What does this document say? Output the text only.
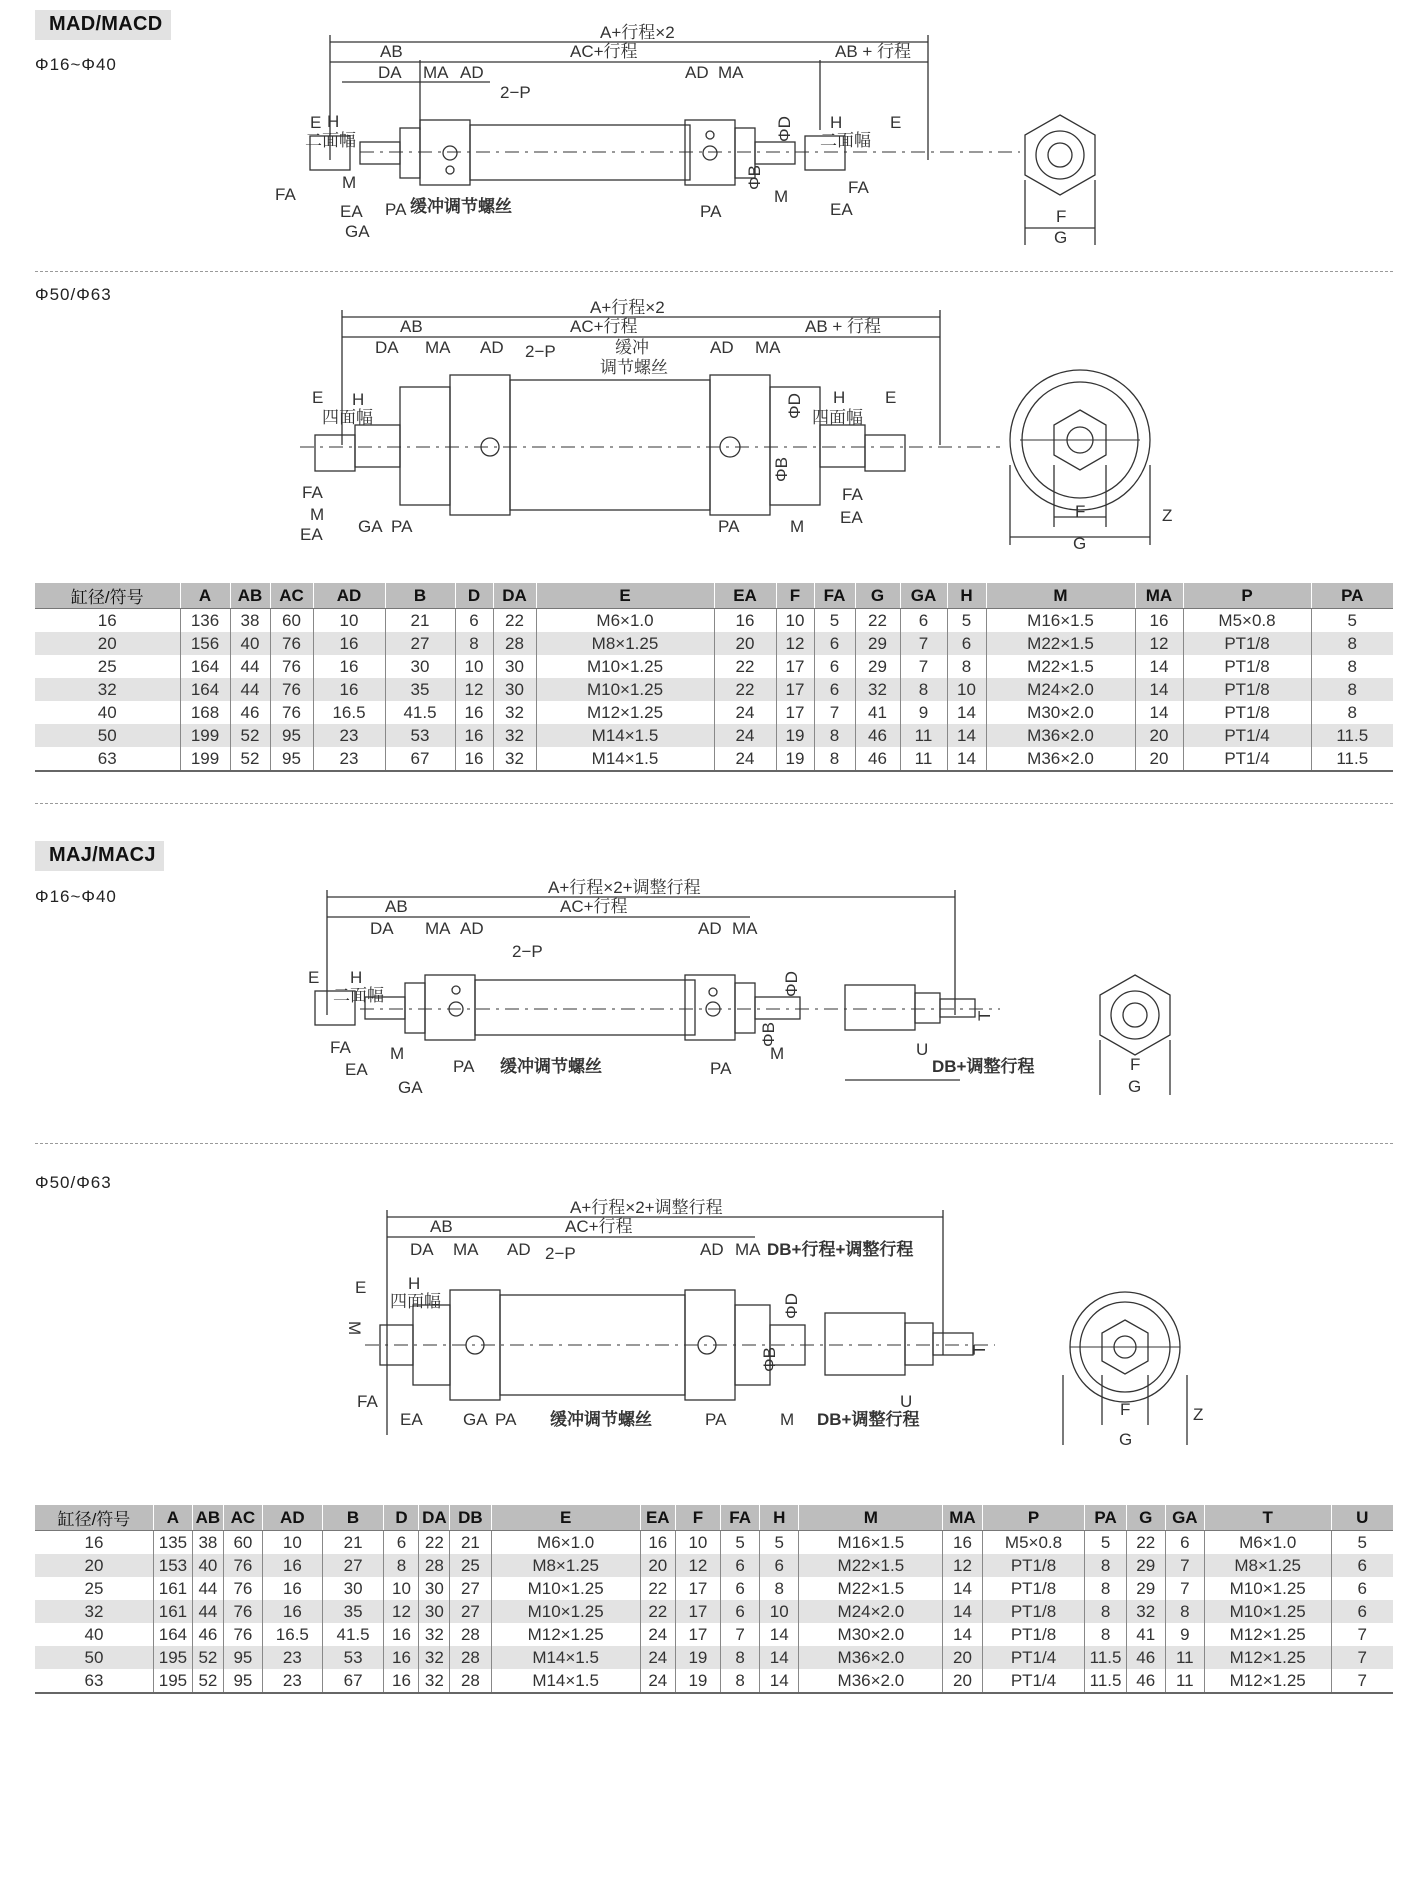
MAD/MACD
Φ16~Φ40
A+行程×2
AB	AC+行程	AB + 行程
DA MA AD
2−P
AD MA
E H
二面幅
EA
FA
GA
PA
M
缓冲调节螺丝	PA
M
H
二面幅
E
EA
FA
ΦD
ΦB
F
G
Φ50/Φ63
A+行程×2
AB	AC+行程	AB + 行程
DA MA AD 2−P	缓冲
调节螺丝
AD MA
E H
四面幅
FA
M
EA GA PA	PA	M
H
四面幅
E
FA
EA
ΦD
ΦB
F
G
Z
缸径/符号	A	AB	AC	AD	B	D	DA	E	EA	F	FA	G	GA	H	M	MA	P	PA
16	136	38	60	10	21	6	22	M6×1.0	16	10	5	22	6	5	M16×1.5	16	M5×0.8	5
20	156	40	76	16	27	8	28	M8×1.25	20	12	6	29	7	6	M22×1.5	12	PT1/8	8
25	164	44	76	16	30	10	30	M10×1.25	22	17	6	29	7	8	M22×1.5	14	PT1/8	8
32	164	44	76	16	35	12	30	M10×1.25	22	17	6	32	8	10	M24×2.0	14	PT1/8	8
40	168	46	76	16.5	41.5	16	32	M12×1.25	24	17	7	41	9	14	M30×2.0	14	PT1/8	8
50	199	52	95	23	53	16	32	M14×1.5	24	19	8	46	11	14	M36×2.0	20	PT1/4	11.5
63	199	52	95	23	67	16	32	M14×1.5	24	19	8	46	11	14	M36×2.0	20	PT1/4	11.5
MAJ/MACJ
Φ16~Φ40	A+行程×2+调整行程
AB	AC+行程
DA MA AD
2−P
AD MA
E H
二面幅
FA
EA
M
GA
PA 缓冲调节螺丝	PA
M
DB+调整行程
U
T
ΦD
ΦB
F
G
Φ50/Φ63
A+行程×2+调整行程
AB	AC+行程
DA MA AD 2−P	AD MA DB+行程+调整行程
E H
四面幅
M
FA
EA GA PA 缓冲调节螺丝	PA	M DB+调整行程
U
T
ΦD
ΦB
F
G
Z
缸径/符号	A	AB	AC	AD	B	D	DA	DB	E	EA	F	FA	H	M	MA	P	PA	G	GA	T	U
16	135	38	60	10	21	6	22	21	M6×1.0	16	10	5	5	M16×1.5	16	M5×0.8	5	22	6	M6×1.0	5
20	153	40	76	16	27	8	28	25	M8×1.25	20	12	6	6	M22×1.5	12	PT1/8	8	29	7	M8×1.25	6
25	161	44	76	16	30	10	30	27	M10×1.25	22	17	6	8	M22×1.5	14	PT1/8	8	29	7	M10×1.25	6
32	161	44	76	16	35	12	30	27	M10×1.25	22	17	6	10	M24×2.0	14	PT1/8	8	32	8	M10×1.25	6
40	164	46	76	16.5	41.5	16	32	28	M12×1.25	24	17	7	14	M30×2.0	14	PT1/8	8	41	9	M12×1.25	7
50	195	52	95	23	53	16	32	28	M14×1.5	24	19	8	14	M36×2.0	20	PT1/4	11.5	46	11	M12×1.25	7
63	195	52	95	23	67	16	32	28	M14×1.5	24	19	8	14	M36×2.0	20	PT1/4	11.5	46	11	M12×1.25	7
